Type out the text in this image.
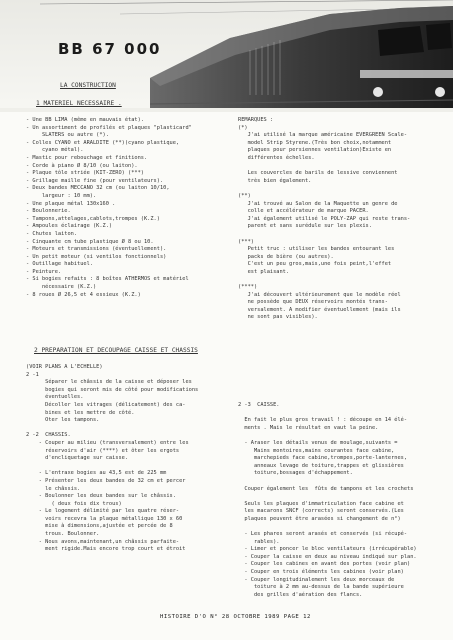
BB 67 000
LA CONSTRUCTION
1 MATERIEL NECESSAIRE .
- Une BB LIMA (même en mauvais état).
- Un assortiment de profilés et plaques "plasticard"
SLATERS ou autre (*).
- Colles CYANO et ARALDITE (**)(cyano plastique,
cyano métal).
- Mastic pour rebouchage et finitions.
- Corde à piano Ø 8/10 (ou laiton).
- Plaque tôle striée (KIT-ZERO) (***)
- Grillage maille fine (pour ventilateurs).
- Deux bandes MECCANO 32 cm (ou laiton 10/10,
largeur : 10 mm).
- Une plaque métal 130x160 .
- Boulonnerie.
- Tampons,attelages,cablots,trompes (K.Z.)
- Ampoules éclairage (K.Z.)
- Chutes laiton.
- Cinquante cm tube plastique Ø 8 ou 10.
- Moteurs et transmissions (éventuellement).
- Un petit moteur (si ventilos fonctionnels)
- Outillage habituel.
- Peinture.
- Si bogies refaits : 8 boîtes ATHERMOS et matériel
nécessaire (K.Z.)
- 8 roues Ø 26,5 et 4 essieux (K.Z.)
REMARQUES :
(*)
J'ai utilisé la marque américaine EVERGREEN Scale-
model Strip Styrene.(Très bon choix,notamment
plaques pour persiennes ventilation)Existe en
différentes échelles.

Les couvercles de barils de lessive conviennent
très bien également.

(**)
J'ai trouvé au Salon de la Maquette un genre de
colle et accélérateur de marque PACER.
J'ai également utilisé le POLY-ZAP qui reste trans-
parent et sans surédule sur les plexis.

(***)
Petit truc : utiliser les bandes entourant les
packs de bière (ou autres).
C'est un peu gros,mais,une fois peint,l'effet
est plaisant.

(****)
J'ai découvert ultérieurement que le modèle réel
ne possède que DEUX réservoirs montés trans-
versalement. A modifier éventuellement (mais ils
ne sont pas visibles).
2 PREPARATION ET DECOUPAGE CAISSE ET CHASSIS
(VOIR PLANS A L'ECHELLE)
2 -1
Séparer le châssis de la caisse et déposer les
bogies qui seront mis de côté pour modifications
éventuelles.
Décoller les vitrages (délicatement) des ca-
bines et les mettre de côté.
Oter les tampons.

2 -2  CHASSIS.
- Couper au milieu (transversalement) entre les
réservoirs d'air (****) et ôter les ergots
d'encliquetage sur caisse.

- L'entraxe bogies au 43,5 est de 225 mm
- Présenter les deux bandes de 32 cm et percer
le châssis.
- Boulonner les deux bandes sur le châssis.
( deux fois dix trous)
- Le logement délimité par les quatre réser-
voirs recevra la plaque métallique 130 x 60
mise à dimensions,ajustée et percée de 8
trous. Boulonner.
- Nous avons,maintenant,un châssis parfaite-
ment rigide.Mais encore trop court et étroit
2 -3  CAISSE.

En fait le plus gros travail ! : découpe en 14 élé-
ments . Mais le résultat en vaut la peine.

- Araser les détails venus de moulage,suivants =
Mains montoires,mains courantes face cabine,
marchepieds face cabine,trompes,porte-lanternes,
anneaux levage de toiture,trappes et glissières
toiture,bossages d'échappement.

Couper également les  fûts de tampons et les crochets

Seuls les plaques d'immatriculation face cabine et
les macarons SNCF (corrects) seront conservés.(Les
plaques peuvent être arasées si changement de n°)

- Les phares seront arasés et conservés (si récupé-
rables).
- Limer et poncer le bloc ventilateurs (irrécupérable)
- Couper la caisse en deux au niveau indiqué sur plan.
- Couper les cabines en avant des portes (voir plan)
- Couper en trois éléments les cabines (voir plan)
- Couper longitudinalement les deux morceaux de
toiture à 2 mm au-dessus de la bande supérieure
des grilles d'aération des flancs.
HISTOIRE D'O N° 28 OCTOBRE 1989 PAGE 12
